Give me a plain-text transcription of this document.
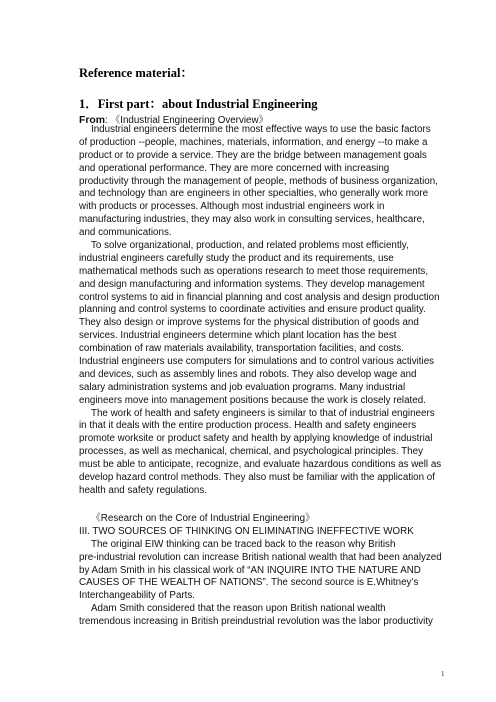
Reference material：
1．First part：about Industrial Engineering
From: 《Industrial Engineering Overview》
Industrial engineers determine the most effective ways to use the basic factors
of production --people, machines, materials, information, and energy --to make a
product or to provide a service. They are the bridge between management goals
and operational performance. They are more concerned with increasing
productivity through the management of people, methods of business organization,
and technology than are engineers in other specialties, who generally work more
with products or processes. Although most industrial engineers work in
manufacturing industries, they may also work in consulting services, healthcare,
and communications.
To solve organizational, production, and related problems most efficiently,
industrial engineers carefully study the product and its requirements, use
mathematical methods such as operations research to meet those requirements,
and design manufacturing and information systems. They develop management
control systems to aid in financial planning and cost analysis and design production
planning and control systems to coordinate activities and ensure product quality.
They also design or improve systems for the physical distribution of goods and
services. Industrial engineers determine which plant location has the best
combination of raw materials availability, transportation facilities, and costs.
Industrial engineers use computers for simulations and to control various activities
and devices, such as assembly lines and robots. They also develop wage and
salary administration systems and job evaluation programs. Many industrial
engineers move into management positions because the work is closely related.
The work of health and safety engineers is similar to that of industrial engineers
in that it deals with the entire production process. Health and safety engineers
promote worksite or product safety and health by applying knowledge of industrial
processes, as well as mechanical, chemical, and psychological principles. They
must be able to anticipate, recognize, and evaluate hazardous conditions as well as
develop hazard control methods. They also must be familiar with the application of
health and safety regulations.
《Research on the Core of Industrial Engineering》
III. TWO SOURCES OF THINKING ON ELIMINATING INEFFECTIVE WORK
The original EIW thinking can be traced back to the reason why British
pre-industrial revolution can increase British national wealth that had been analyzed
by Adam Smith in his classical work of “AN INQUIRE INTO THE NATURE AND
CAUSES OF THE WEALTH OF NATIONS”. The second source is E.Whitney’s
Interchangeability of Parts.
Adam Smith considered that the reason upon British national wealth
tremendous increasing in British preindustrial revolution was the labor productivity
1
